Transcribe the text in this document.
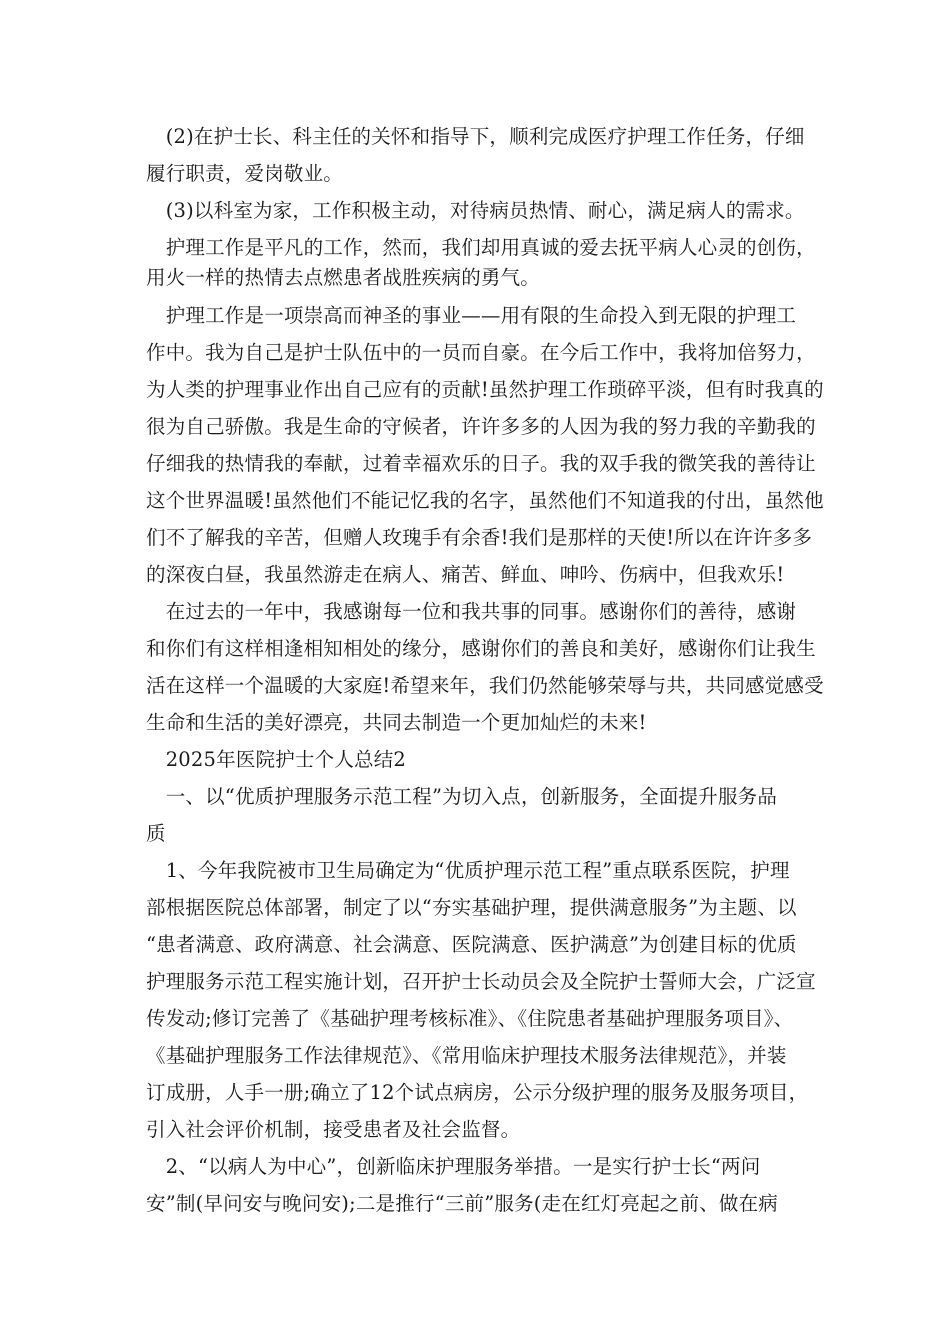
　(2)在护士长、科主任的关怀和指导下，顺利完成医疗护理工作任务，仔细
履行职责，爱岗敬业。
　(3)以科室为家，工作积极主动，对待病员热情、耐心，满足病人的需求。
　护理工作是平凡的工作，然而，我们却用真诚的爱去抚平病人心灵的创伤，
用火一样的热情去点燃患者战胜疾病的勇气。
　护理工作是一项崇高而神圣的事业——用有限的生命投入到无限的护理工
作中。我为自己是护士队伍中的一员而自豪。在今后工作中，我将加倍努力，
为人类的护理事业作出自己应有的贡献!虽然护理工作琐碎平淡，但有时我真的
很为自己骄傲。我是生命的守候者，许许多多的人因为我的努力我的辛勤我的
仔细我的热情我的奉献，过着幸福欢乐的日子。我的双手我的微笑我的善待让
这个世界温暖!虽然他们不能记忆我的名字，虽然他们不知道我的付出，虽然他
们不了解我的辛苦，但赠人玫瑰手有余香!我们是那样的天使!所以在许许多多
的深夜白昼，我虽然游走在病人、痛苦、鲜血、呻吟、伤病中，但我欢乐!
　在过去的一年中，我感谢每一位和我共事的同事。感谢你们的善待，感谢
和你们有这样相逢相知相处的缘分，感谢你们的善良和美好，感谢你们让我生
活在这样一个温暖的大家庭!希望来年，我们仍然能够荣辱与共，共同感觉感受
生命和生活的美好漂亮，共同去制造一个更加灿烂的未来!
　2025年医院护士个人总结2
　一、以“优质护理服务示范工程”为切入点，创新服务，全面提升服务品
质
　1、今年我院被市卫生局确定为“优质护理示范工程”重点联系医院，护理
部根据医院总体部署，制定了以“夯实基础护理，提供满意服务”为主题、以
“患者满意、政府满意、社会满意、医院满意、医护满意”为创建目标的优质
护理服务示范工程实施计划，召开护士长动员会及全院护士誓师大会，广泛宣
传发动;修订完善了《基础护理考核标准》、《住院患者基础护理服务项目》、
《基础护理服务工作法律规范》、《常用临床护理技术服务法律规范》，并装
订成册，人手一册;确立了12个试点病房，公示分级护理的服务及服务项目，
引入社会评价机制，接受患者及社会监督。
　2、“以病人为中心”，创新临床护理服务举措。一是实行护士长“两问
安”制(早问安与晚问安);二是推行“三前”服务(走在红灯亮起之前、做在病
